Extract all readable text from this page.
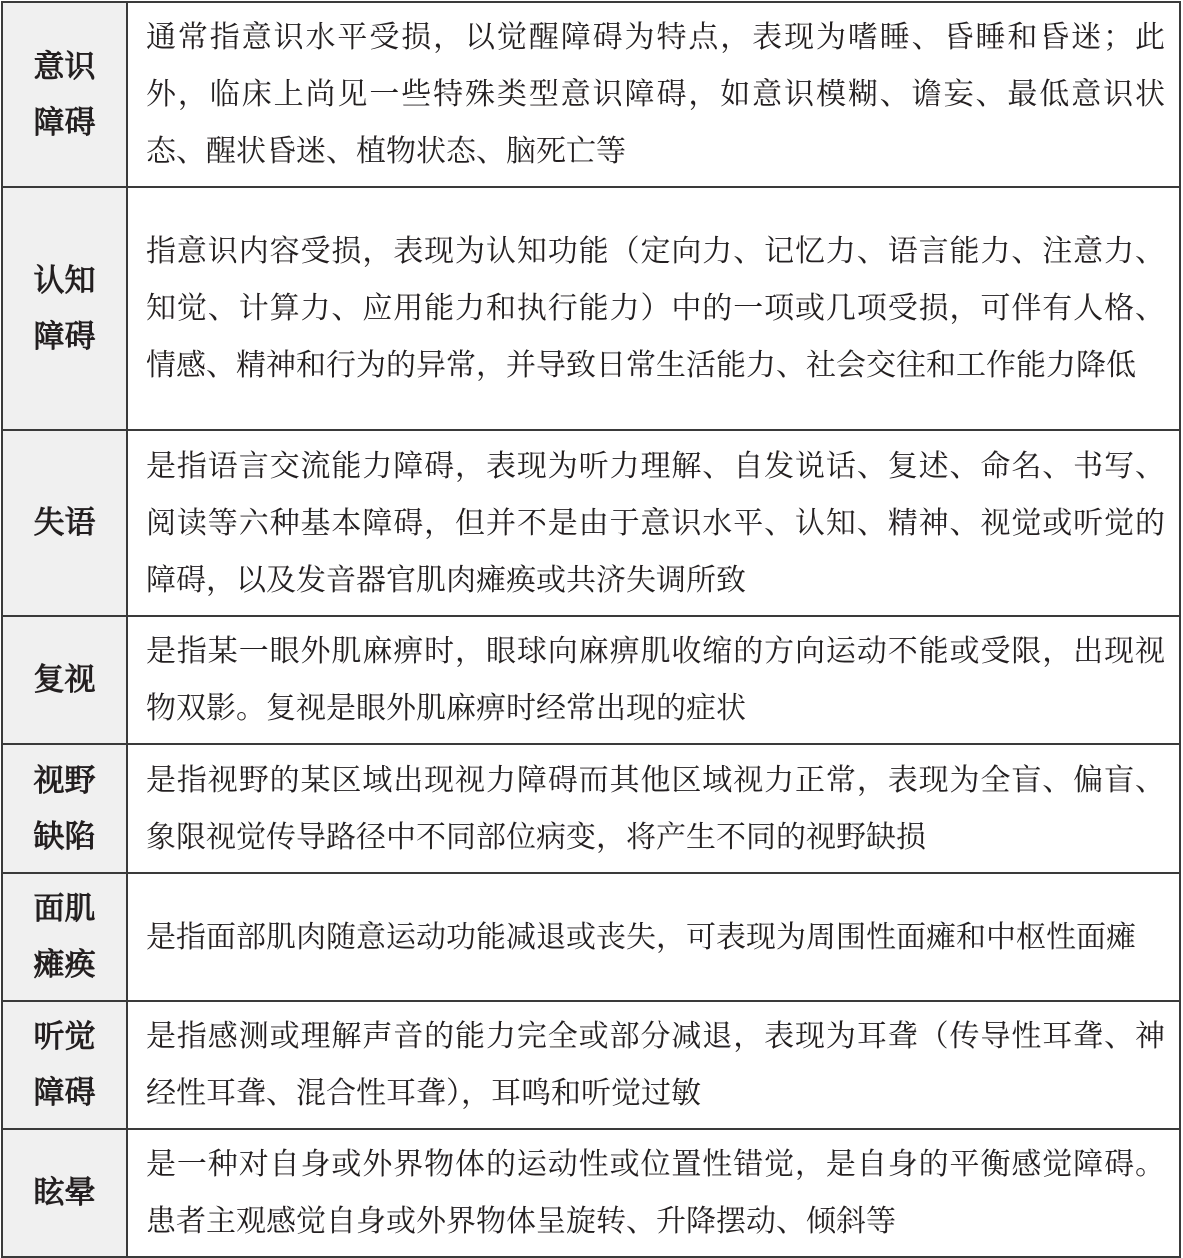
意识障碍	通常指意识水平受损，以觉醒障碍为特点，表现为嗜睡、昏睡和昏迷；此外，临床上尚见一些特殊类型意识障碍，如意识模糊、谵妄、最低意识状态、醒状昏迷、植物状态、脑死亡等
认知障碍	指意识内容受损，表现为认知功能（定向力、记忆力、语言能力、注意力、知觉、计算力、应用能力和执行能力）中的一项或几项受损，可伴有人格、情感、精神和行为的异常，并导致日常生活能力、社会交往和工作能力降低
失语	是指语言交流能力障碍，表现为听力理解、自发说话、复述、命名、书写、阅读等六种基本障碍，但并不是由于意识水平、认知、精神、视觉或听觉的障碍，以及发音器官肌肉瘫痪或共济失调所致
复视	是指某一眼外肌麻痹时，眼球向麻痹肌收缩的方向运动不能或受限，出现视物双影。复视是眼外肌麻痹时经常出现的症状
视野缺陷	是指视野的某区域出现视力障碍而其他区域视力正常，表现为全盲、偏盲、象限视觉传导路径中不同部位病变，将产生不同的视野缺损
面肌瘫痪	是指面部肌肉随意运动功能减退或丧失，可表现为周围性面瘫和中枢性面瘫
听觉障碍	是指感测或理解声音的能力完全或部分减退，表现为耳聋（传导性耳聋、神经性耳聋、混合性耳聋），耳鸣和听觉过敏
眩晕	是一种对自身或外界物体的运动性或位置性错觉，是自身的平衡感觉障碍。患者主观感觉自身或外界物体呈旋转、升降摆动、倾斜等
